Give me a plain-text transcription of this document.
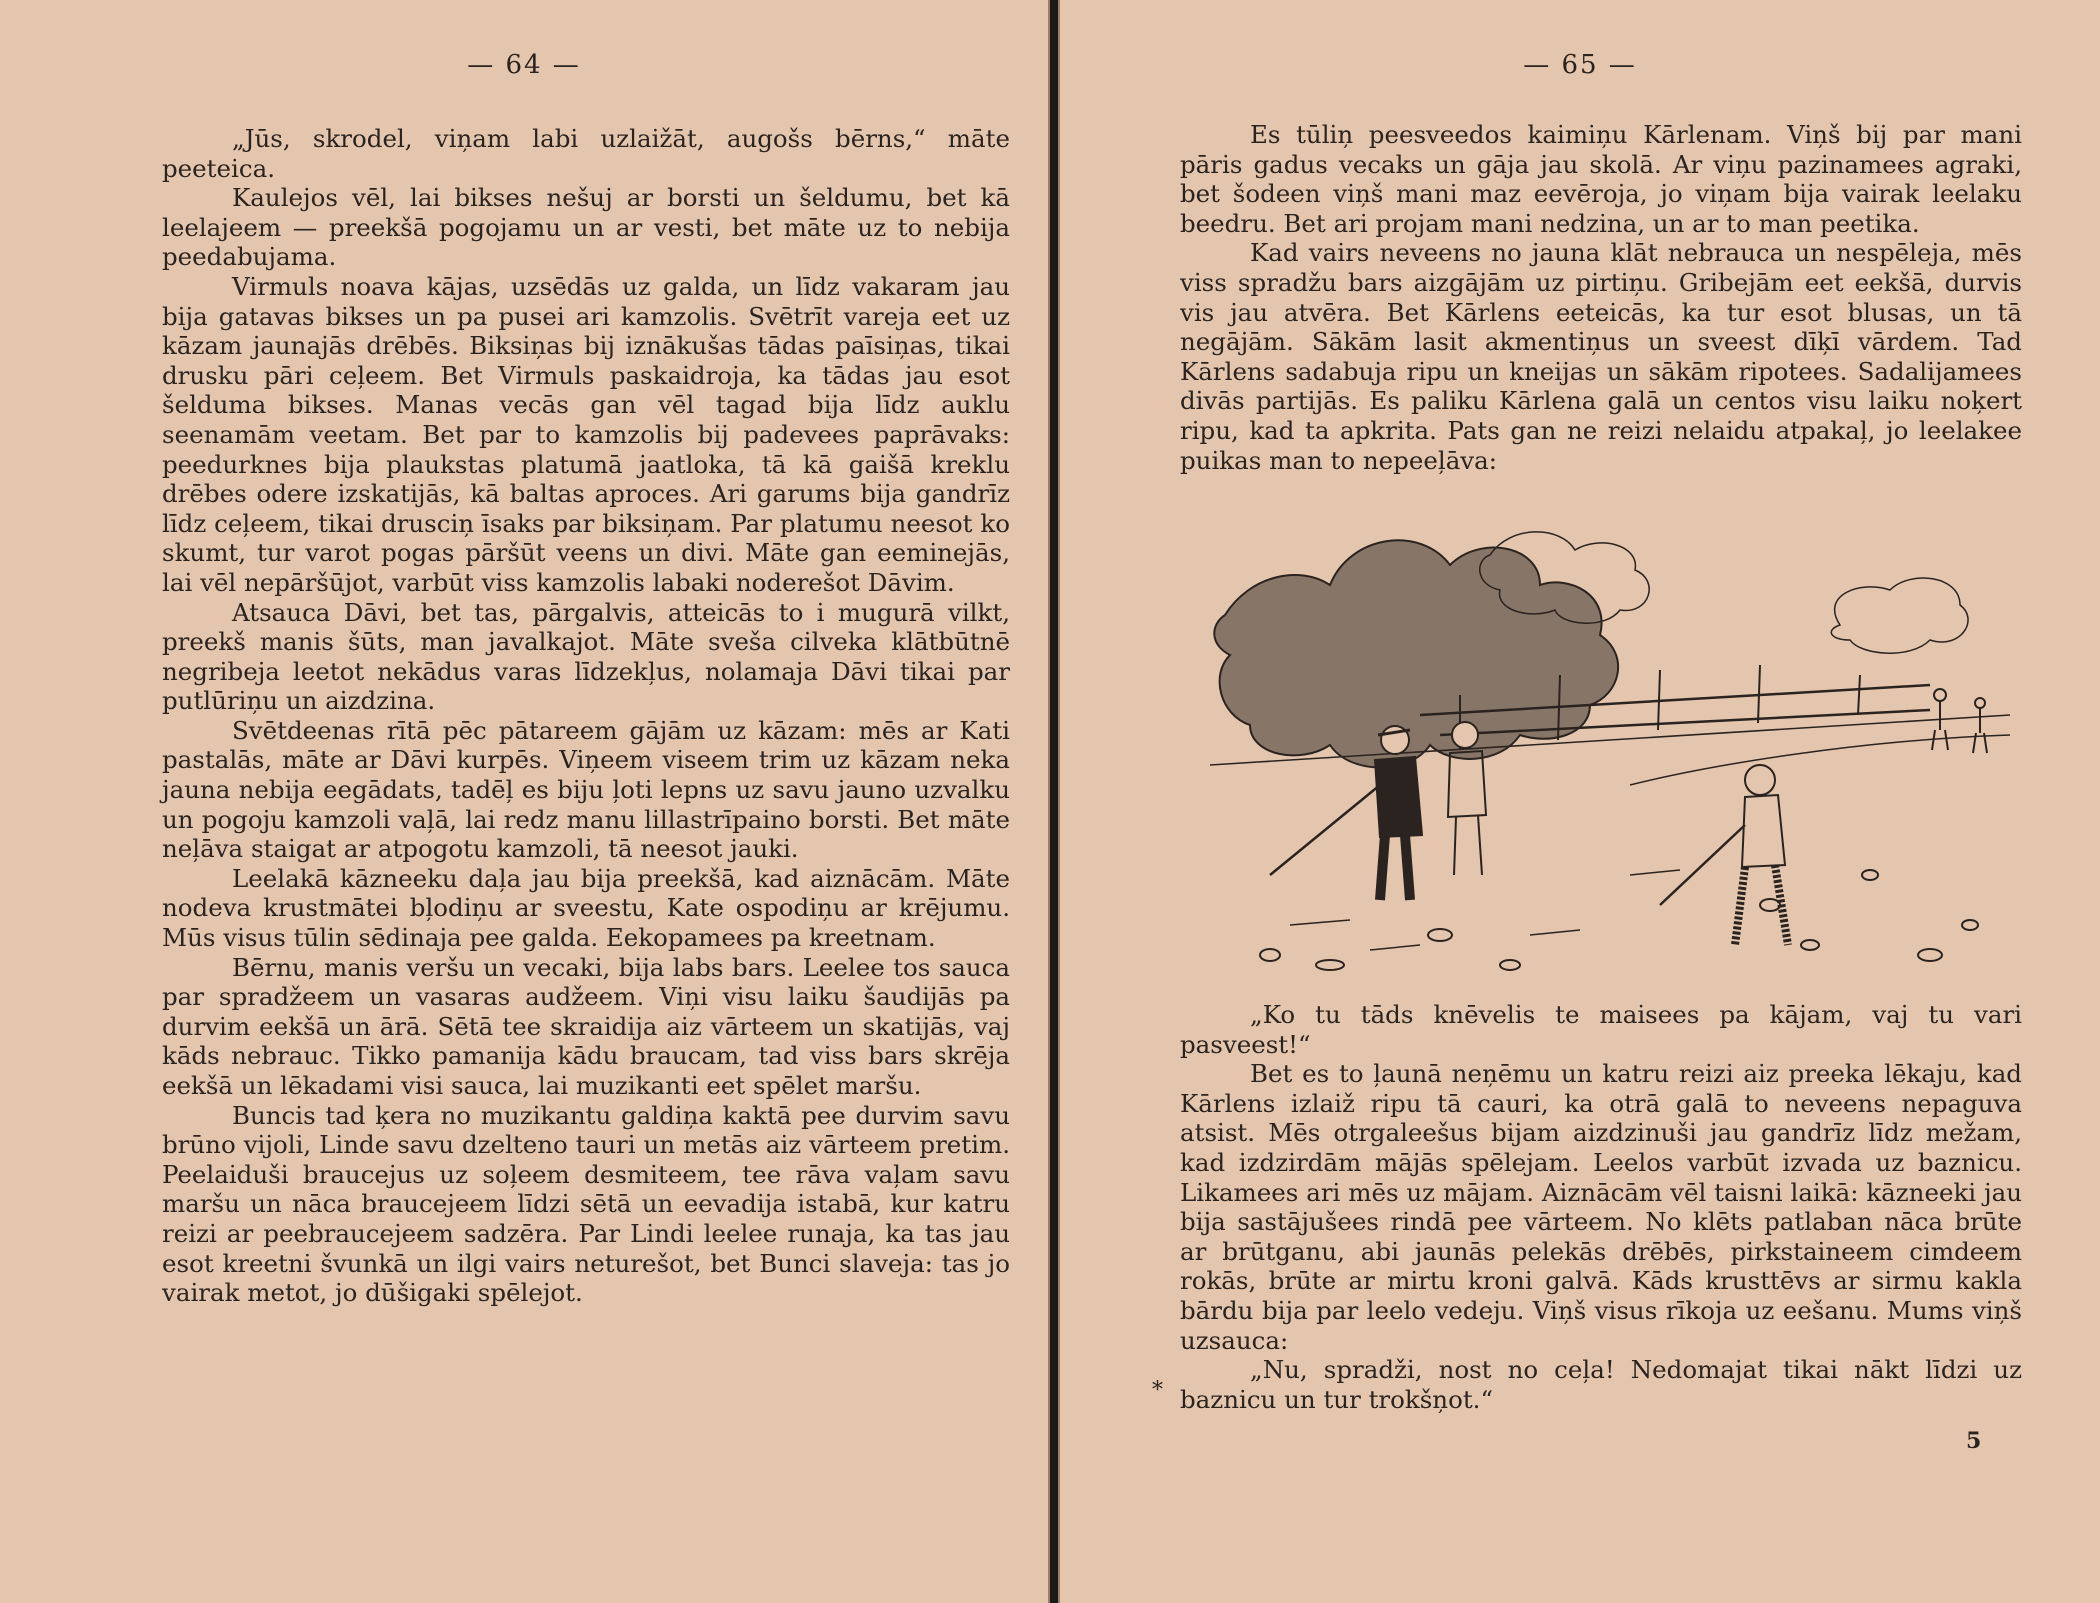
— 64 —

„Jūs, skrodel, viņam labi uzlaižāt, augošs bērns,“ māte peeteica.

Kaulejos vēl, lai bikses nešuj ar borsti un šeldumu, bet kā leelajeem — preekšā pogojamu un ar vesti, bet māte uz to nebija peedabujama.

Virmuls noava kājas, uzsēdās uz galda, un līdz vakaram jau bija gatavas bikses un pa pusei ari kamzolis. Svētrīt vareja eet uz kāzam jaunajās drēbēs. Biksiņas bij iznākušas tādas paīsiņas, tikai drusku pāri ceļeem. Bet Virmuls paskaidroja, ka tādas jau esot šelduma bikses. Manas vecās gan vēl tagad bija līdz auklu seenamām veetam. Bet par to kamzolis bij padevees paprāvaks: peedurknes bija plaukstas platumā jaatloka, tā kā gaišā kreklu drēbes odere izskatijās, kā baltas aproces. Ari garums bija gandrīz līdz ceļeem, tikai drusciņ īsaks par biksiņam. Par platumu neesot ko skumt, tur varot pogas pāršūt veens un divi. Māte gan eeminejās, lai vēl nepāršūjot, varbūt viss kamzolis labaki noderešot Dāvim.

Atsauca Dāvi, bet tas, pārgalvis, atteicās to i mugurā vilkt, preekš manis šūts, man javalkajot. Māte sveša cilveka klātbūtnē negribeja leetot nekādus varas līdzekļus, nolamaja Dāvi tikai par putlūriņu un aizdzina.

Svētdeenas rītā pēc pātareem gājām uz kāzam: mēs ar Kati pastalās, māte ar Dāvi kurpēs. Viņeem viseem trim uz kāzam neka jauna nebija eegādats, tadēļ es biju ļoti lepns uz savu jauno uzvalku un pogoju kamzoli vaļā, lai redz manu lillastrīpaino borsti. Bet māte neļāva staigat ar atpogotu kamzoli, tā neesot jauki.

Leelakā kāzneeku daļa jau bija preekšā, kad aiznācām. Māte nodeva krustmātei bļodiņu ar sveestu, Kate ospodiņu ar krējumu. Mūs visus tūlin sēdinaja pee galda. Eekopamees pa kreetnam.

Bērnu, manis veršu un vecaki, bija labs bars. Leelee tos sauca par spradžeem un vasaras audžeem. Viņi visu laiku šaudijās pa durvim eekšā un ārā. Sētā tee skraidija aiz vārteem un skatijās, vaj kāds nebrauc. Tikko pamanija kādu braucam, tad viss bars skrēja eekšā un lēkadami visi sauca, lai muzikanti eet spēlet maršu.

Buncis tad ķera no muzikantu galdiņa kaktā pee durvim savu brūno vijoli, Linde savu dzelteno tauri un metās aiz vārteem pretim. Peelaiduši braucejus uz soļeem desmiteem, tee rāva vaļam savu maršu un nāca braucejeem līdzi sētā un eevadija istabā, kur katru reizi ar peebraucejeem sadzēra. Par Lindi leelee runaja, ka tas jau esot kreetni švunkā un ilgi vairs neturešot, bet Bunci slaveja: tas jo vairak metot, jo dūšigaki spēlejot.

— 65 —

Es tūliņ peesveedos kaimiņu Kārlenam. Viņš bij par mani pāris gadus vecaks un gāja jau skolā. Ar viņu pazinamees agraki, bet šodeen viņš mani maz eevēroja, jo viņam bija vairak leelaku beedru. Bet ari projam mani nedzina, un ar to man peetika.

Kad vairs neveens no jauna klāt nebrauca un nespēleja, mēs viss spradžu bars aizgājām uz pirtiņu. Gribejām eet eekšā, durvis vis jau atvēra. Bet Kārlens eeteicās, ka tur esot blusas, un tā negājām. Sākām lasit akmentiņus un sveest dīķī vārdem. Tad Kārlens sadabuja ripu un kneijas un sākām ripotees. Sadalijamees divās partijās. Es paliku Kārlena galā un centos visu laiku noķert ripu, kad ta apkrita. Pats gan ne reizi nelaidu atpakaļ, jo leelakee puikas man to nepeeļāva:

„Ko tu tāds knēvelis te maisees pa kājam, vaj tu vari pasveest!“

Bet es to ļaunā neņēmu un katru reizi aiz preeka lēkaju, kad Kārlens izlaiž ripu tā cauri, ka otrā galā to neveens nepaguva atsist. Mēs otrgaleešus bijam aizdzinuši jau gandrīz līdz mežam, kad izdzirdām mājās spēlejam. Leelos varbūt izvada uz baznicu. Likamees ari mēs uz mājam. Aiznācām vēl taisni laikā: kāzneeki jau bija sastājušees rindā pee vārteem. No klēts patlaban nāca brūte ar brūtganu, abi jaunās pelekās drēbēs, pirkstaineem cimdeem rokās, brūte ar mirtu kroni galvā. Kāds krusttēvs ar sirmu kakla bārdu bija par leelo vedeju. Viņš visus rīkoja uz eešanu. Mums viņš uzsauca:

„Nu, spradži, nost no ceļa! Nedomajat tikai nākt līdzi uz baznicu un tur trokšņot.“

*
5
